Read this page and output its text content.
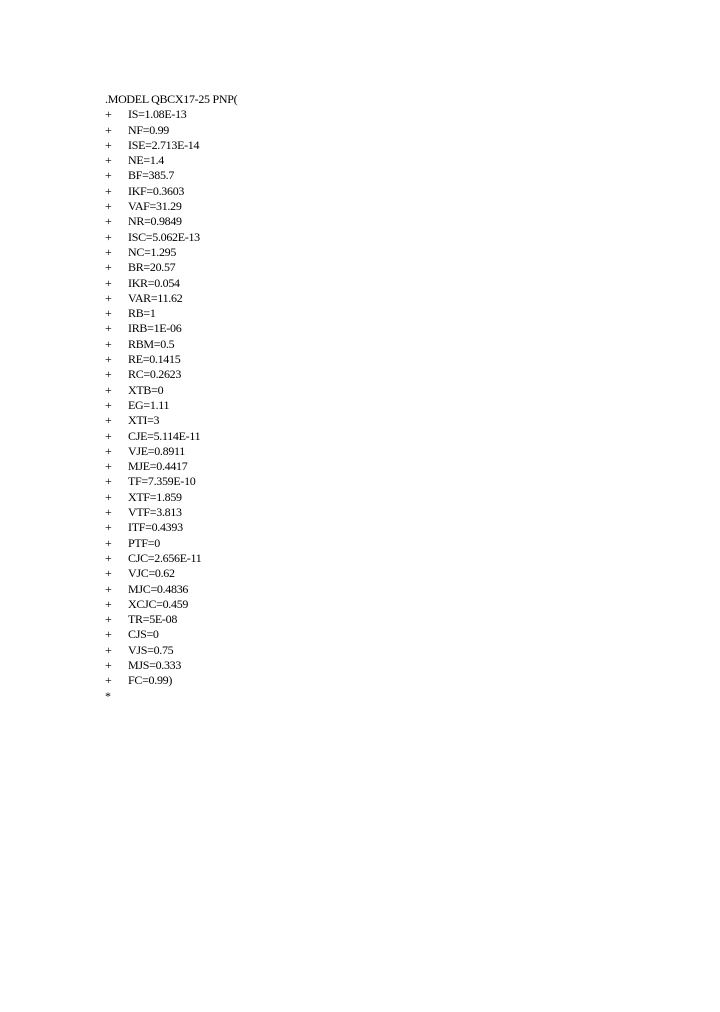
.MODEL QBCX17-25 PNP(
+	IS=1.08E-13
+	NF=0.99
+	ISE=2.713E-14
+	NE=1.4
+	BF=385.7
+	IKF=0.3603
+	VAF=31.29
+	NR=0.9849
+	ISC=5.062E-13
+	NC=1.295
+	BR=20.57
+	IKR=0.054
+	VAR=11.62
+	RB=1
+	IRB=1E-06
+	RBM=0.5
+	RE=0.1415
+	RC=0.2623
+	XTB=0
+	EG=1.11
+	XTI=3
+	CJE=5.114E-11
+	VJE=0.8911
+	MJE=0.4417
+	TF=7.359E-10
+	XTF=1.859
+	VTF=3.813
+	ITF=0.4393
+	PTF=0
+	CJC=2.656E-11
+	VJC=0.62
+	MJC=0.4836
+	XCJC=0.459
+	TR=5E-08
+	CJS=0
+	VJS=0.75
+	MJS=0.333
+	FC=0.99)
*
